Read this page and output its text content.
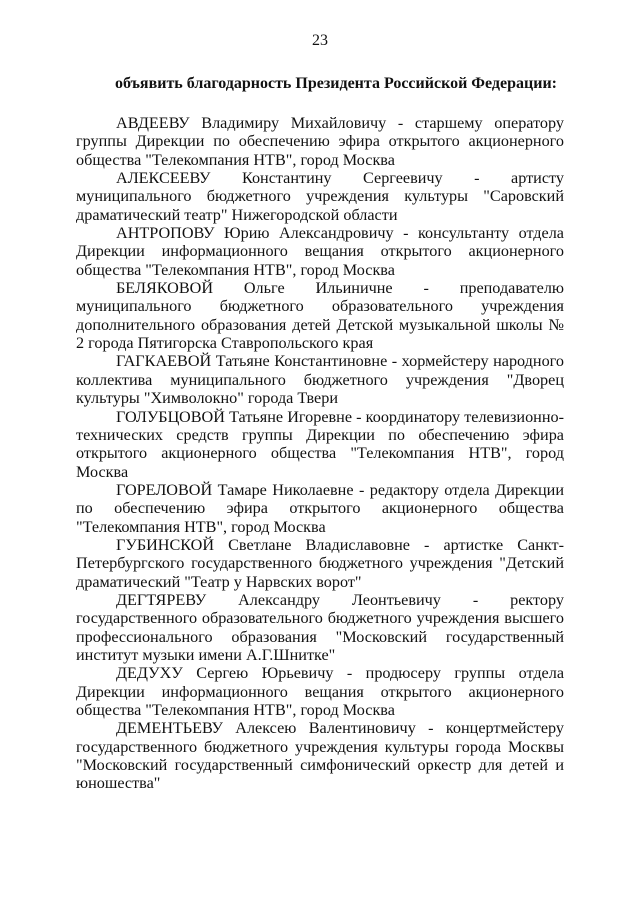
23
объявить благодарность Президента Российской Федерации:

АВДЕЕВУ Владимиру Михайловичу - старшему оператору группы Дирекции по обеспечению эфира открытого акционерного общества "Телекомпания НТВ", город Москва

АЛЕКСЕЕВУ Константину Сергеевичу - артисту муниципального бюджетного учреждения культуры "Саровский драматический театр" Нижегородской области

АНТРОПОВУ Юрию Александровичу - консультанту отдела Дирекции информационного вещания открытого акционерного общества "Телекомпания НТВ", город Москва

БЕЛЯКОВОЙ Ольге Ильиничне - преподавателю муниципального бюджетного образовательного учреждения дополнительного образования детей Детской музыкальной школы № 2 города Пятигорска Ставропольского края

ГАГКАЕВОЙ Татьяне Константиновне - хормейстеру народного коллектива муниципального бюджетного учреждения "Дворец культуры "Химволокно" города Твери

ГОЛУБЦОВОЙ Татьяне Игоревне - координатору телевизионно-технических средств группы Дирекции по обеспечению эфира открытого акционерного общества "Телекомпания НТВ", город Москва

ГОРЕЛОВОЙ Тамаре Николаевне - редактору отдела Дирекции по обеспечению эфира открытого акционерного общества "Телекомпания НТВ", город Москва

ГУБИНСКОЙ Светлане Владиславовне - артистке Санкт-Петербургского государственного бюджетного учреждения "Детский драматический "Театр у Нарвских ворот"

ДЕГТЯРЕВУ Александру Леонтьевичу - ректору государственного образовательного бюджетного учреждения высшего профессионального образования "Московский государственный институт музыки имени А.Г.Шнитке"

ДЕДУХУ Сергею Юрьевичу - продюсеру группы отдела Дирекции информационного вещания открытого акционерного общества "Телекомпания НТВ", город Москва

ДЕМЕНТЬЕВУ Алексею Валентиновичу - концертмейстеру государственного бюджетного учреждения культуры города Москвы "Московский государственный симфонический оркестр для детей и юношества"
